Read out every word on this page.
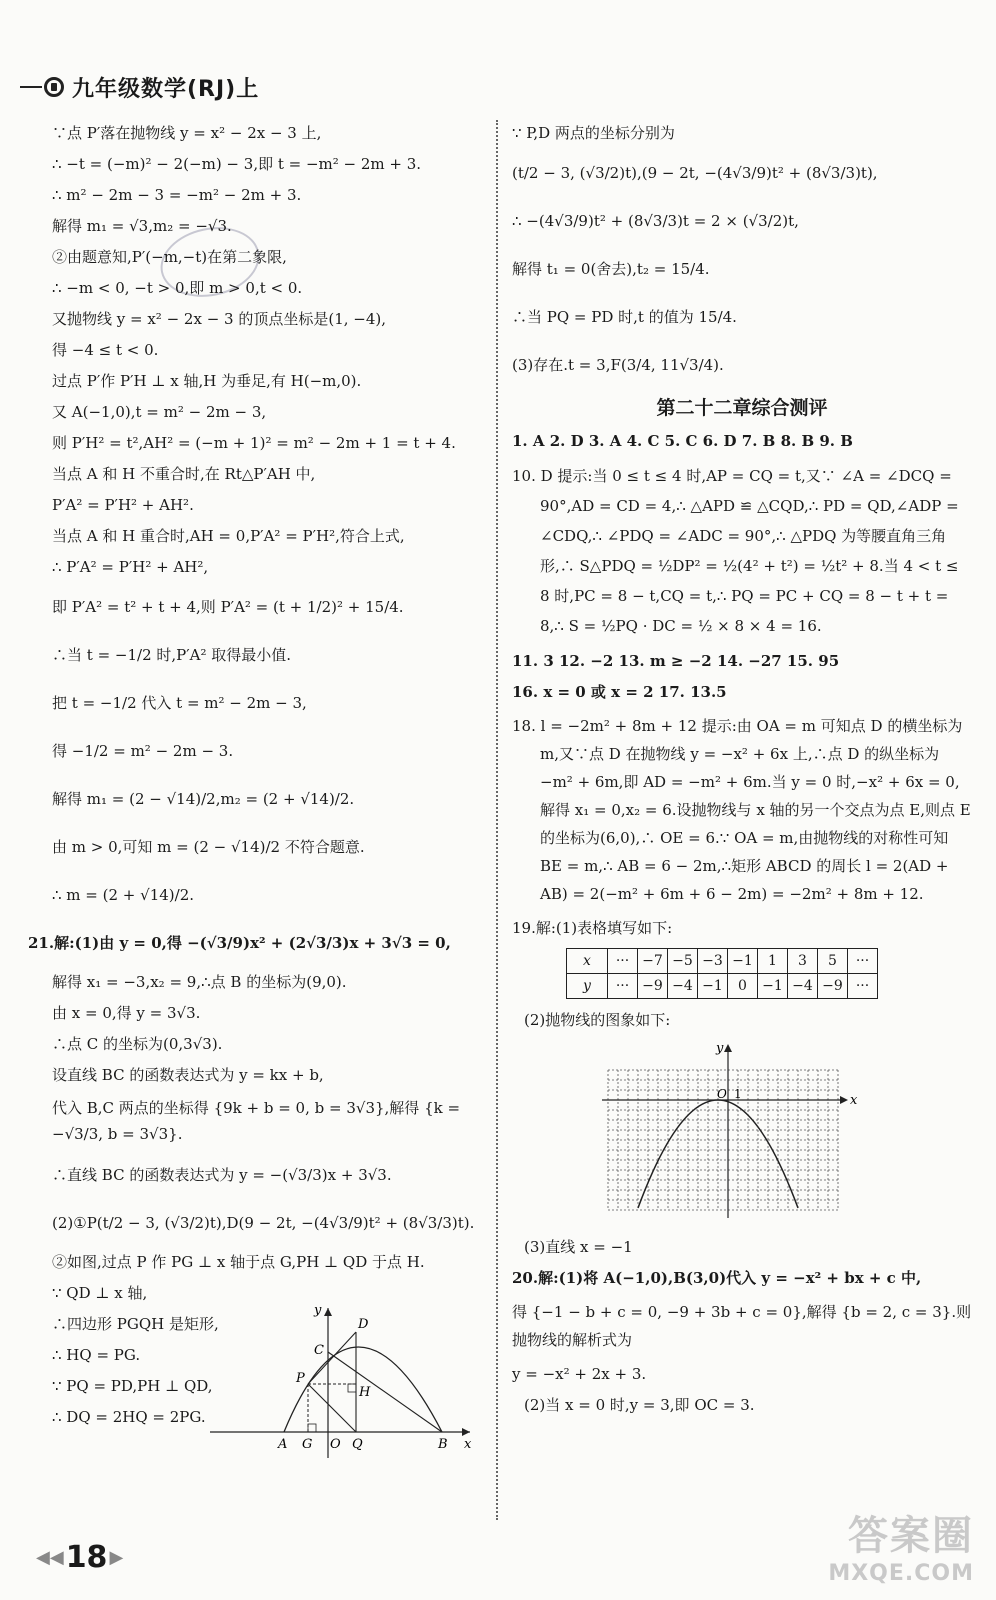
九年级数学(RJ)上
∵点 P′落在抛物线 y = x² − 2x − 3 上,
∴ −t = (−m)² − 2(−m) − 3,即 t = −m² − 2m + 3.
∴ m² − 2m − 3 = −m² − 2m + 3.
解得 m₁ = √3,m₂ = −√3.
②由题意知,P′(−m,−t)在第二象限,
∴ −m < 0, −t > 0,即 m > 0,t < 0.
又抛物线 y = x² − 2x − 3 的顶点坐标是(1, −4),
得 −4 ≤ t < 0.
过点 P′作 P′H ⊥ x 轴,H 为垂足,有 H(−m,0).
又 A(−1,0),t = m² − 2m − 3,
则 P′H² = t²,AH² = (−m + 1)² = m² − 2m + 1 = t + 4.
当点 A 和 H 不重合时,在 Rt△P′AH 中,
P′A² = P′H² + AH².
当点 A 和 H 重合时,AH = 0,P′A² = P′H²,符合上式,
∴ P′A² = P′H² + AH²,
即 P′A² = t² + t + 4,则 P′A² = (t + 1/2)² + 15/4.
∴当 t = −1/2 时,P′A² 取得最小值.
把 t = −1/2 代入 t = m² − 2m − 3,
得 −1/2 = m² − 2m − 3.
解得 m₁ = (2 − √14)/2,m₂ = (2 + √14)/2.
由 m > 0,可知 m = (2 − √14)/2 不符合题意.
∴ m = (2 + √14)/2.
21.解:(1)由 y = 0,得 −(√3/9)x² + (2√3/3)x + 3√3 = 0,
解得 x₁ = −3,x₂ = 9,∴点 B 的坐标为(9,0).
由 x = 0,得 y = 3√3.
∴点 C 的坐标为(0,3√3).
设直线 BC 的函数表达式为 y = kx + b,
代入 B,C 两点的坐标得 {9k + b = 0, b = 3√3},解得 {k = −√3/3, b = 3√3}.
∴直线 BC 的函数表达式为 y = −(√3/3)x + 3√3.
(2)①P(t/2 − 3, (√3/2)t),D(9 − 2t, −(4√3/9)t² + (8√3/3)t).
②如图,过点 P 作 PG ⊥ x 轴于点 G,PH ⊥ QD 于点 H.
∵ QD ⊥ x 轴,
∴四边形 PGQH 是矩形,
∴ HQ = PG.
∵ PQ = PD,PH ⊥ QD,
∴ DQ = 2HQ = 2PG.
A G O Q	B
C
D
P
H
x
y
∵ P,D 两点的坐标分别为
(t/2 − 3, (√3/2)t),(9 − 2t, −(4√3/9)t² + (8√3/3)t),
∴ −(4√3/9)t² + (8√3/3)t = 2 × (√3/2)t,
解得 t₁ = 0(舍去),t₂ = 15/4.
∴当 PQ = PD 时,t 的值为 15/4.
(3)存在.t = 3,F(3/4, 11√3/4).
第二十二章综合测评
1. A 2. D 3. A 4. C 5. C 6. D 7. B 8. B 9. B
10. D 提示:当 0 ≤ t ≤ 4 时,AP = CQ = t,又∵ ∠A = ∠DCQ = 90°,AD = CD = 4,∴ △APD ≌ △CQD,∴ PD = QD,∠ADP = ∠CDQ,∴ ∠PDQ = ∠ADC = 90°,∴ △PDQ 为等腰直角三角形,∴ S△PDQ = ½DP² = ½(4² + t²) = ½t² + 8.当 4 < t ≤ 8 时,PC = 8 − t,CQ = t,∴ PQ = PC + CQ = 8 − t + t = 8,∴ S = ½PQ · DC = ½ × 8 × 4 = 16.
11. 3 12. −2 13. m ≥ −2 14. −27 15. 95
16. x = 0 或 x = 2 17. 13.5
18. l = −2m² + 8m + 12 提示:由 OA = m 可知点 D 的横坐标为 m,又∵点 D 在抛物线 y = −x² + 6x 上,∴点 D 的纵坐标为 −m² + 6m,即 AD = −m² + 6m.当 y = 0 时,−x² + 6x = 0,解得 x₁ = 0,x₂ = 6.设抛物线与 x 轴的另一个交点为点 E,则点 E 的坐标为(6,0),∴ OE = 6.∵ OA = m,由抛物线的对称性可知 BE = m,∴ AB = 6 − 2m,∴矩形 ABCD 的周长 l = 2(AD + AB) = 2(−m² + 6m + 6 − 2m) = −2m² + 8m + 12.
19.解:(1)表格填写如下:
x	···	−7	−5	−3	−1	1	3	5	···
y	···	−9	−4	−1	0	−1	−4	−9	···
(2)抛物线的图象如下:
x
y
O 1
(3)直线 x = −1
20.解:(1)将 A(−1,0),B(3,0)代入 y = −x² + bx + c 中,
得 {−1 − b + c = 0, −9 + 3b + c = 0},解得 {b = 2, c = 3}.则抛物线的解析式为
y = −x² + 2x + 3.
(2)当 x = 0 时,y = 3,即 OC = 3.
◀◀ 18 ▶	答案圈
MXQE.COM
